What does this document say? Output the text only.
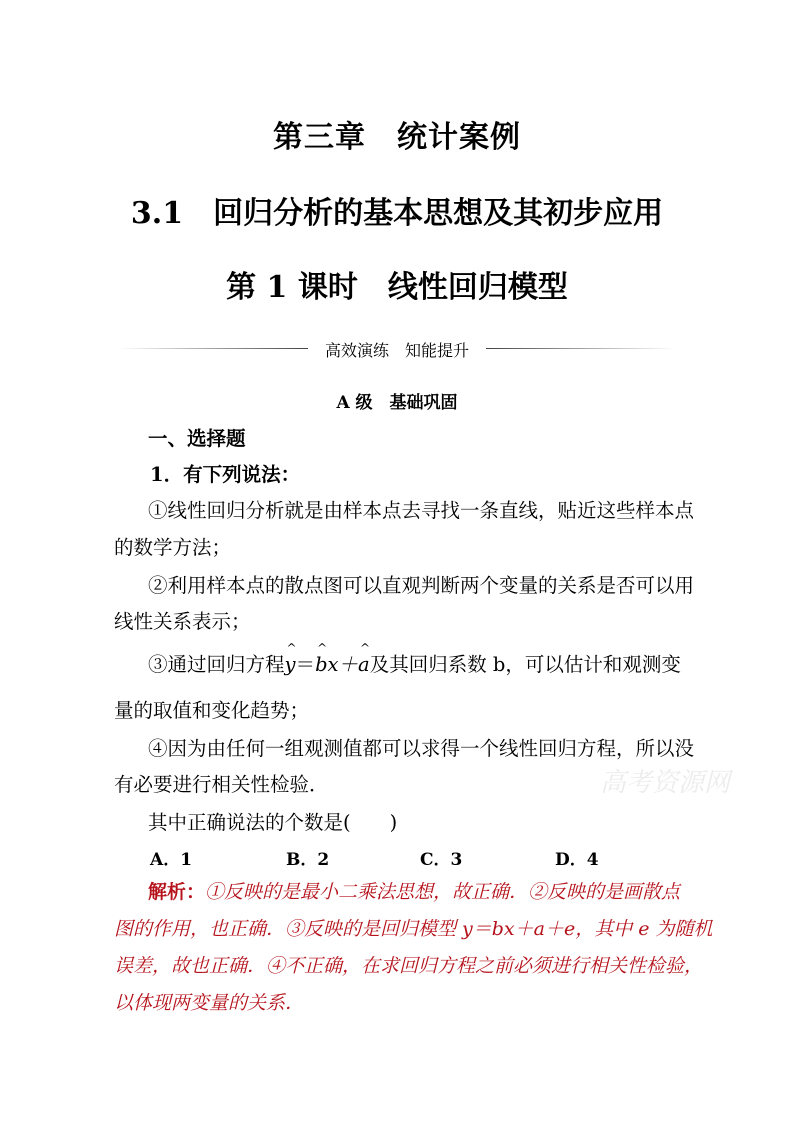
第三章　统计案例
3.1　回归分析的基本思想及其初步应用
第 1 课时　线性回归模型
高效演练　知能提升
A 级　基础巩固
一、选择题
1．有下列说法：
①线性回归分析就是由样本点去寻找一条直线，贴近这些样本点
的数学方法；
②利用样本点的散点图可以直观判断两个变量的关系是否可以用
线性关系表示；
③通过回归方程^ y＝^ bx＋^ a及其回归系数 b，可以估计和观测变
量的取值和变化趋势；
④因为由任何一组观测值都可以求得一个线性回归方程，所以没
有必要进行相关性检验．	高考资源网
其中正确说法的个数是(　　)
A．1	B．2	C．3	D．4
解析：①反映的是最小二乘法思想，故正确．②反映的是画散点
图的作用，也正确．③反映的是回归模型 y＝bx＋a＋e，其中 e 为随机
误差，故也正确．④不正确，在求回归方程之前必须进行相关性检验，
以体现两变量的关系．
